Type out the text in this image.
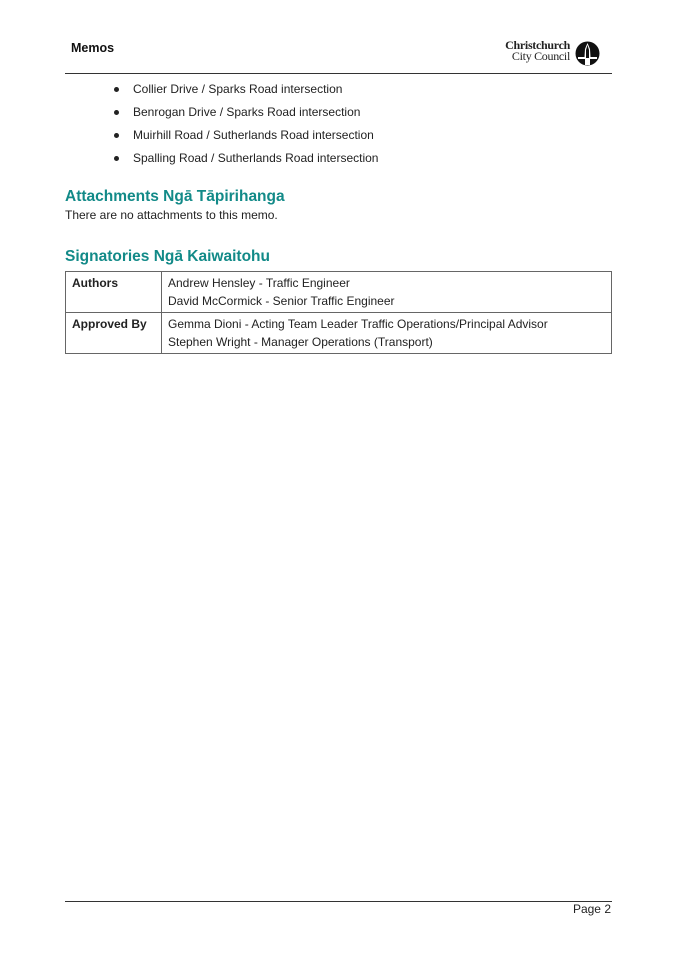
Memos	Christchurch
City Council
Collier Drive / Sparks Road intersection
Benrogan Drive / Sparks Road intersection
Muirhill Road / Sutherlands Road intersection
Spalling Road / Sutherlands Road intersection
Attachments Ngā Tāpirihanga
There are no attachments to this memo.
Signatories Ngā Kaiwaitohu
Authors	Andrew Hensley - Traffic Engineer
David McCormick - Senior Traffic Engineer

Approved By	Gemma Dioni - Acting Team Leader Traffic Operations/Principal Advisor
Stephen Wright - Manager Operations (Transport)
Page 2
